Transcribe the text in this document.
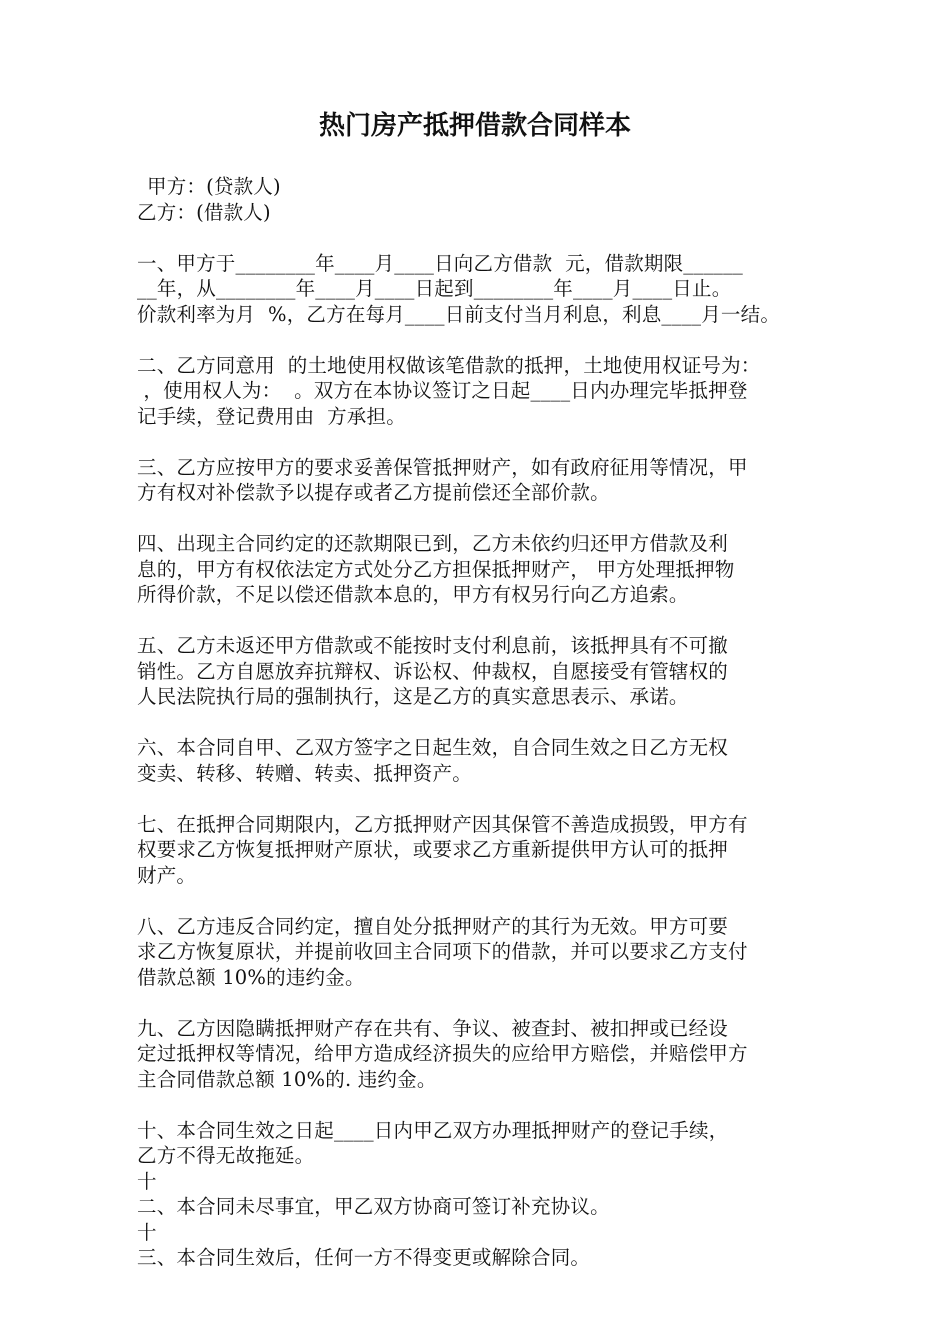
热门房产抵押借款合同样本
甲方：(贷款人)
乙方：(借款人)
一、甲方于________年____月____日向乙方借款  元，借款期限______
__年，从________年____月____日起到________年____月____日止。
价款利率为月  %，乙方在每月____日前支付当月利息，利息____月一结。
二、乙方同意用  的土地使用权做该笔借款的抵押，土地使用权证号为：
，使用权人为：  。双方在本协议签订之日起____日内办理完毕抵押登
记手续，登记费用由  方承担。
三、乙方应按甲方的要求妥善保管抵押财产，如有政府征用等情况，甲
方有权对补偿款予以提存或者乙方提前偿还全部价款。
四、出现主合同约定的还款期限已到，乙方未依约归还甲方借款及利
息的，甲方有权依法定方式处分乙方担保抵押财产， 甲方处理抵押物
所得价款，不足以偿还借款本息的，甲方有权另行向乙方追索。
五、乙方未返还甲方借款或不能按时支付利息前，该抵押具有不可撤
销性。乙方自愿放弃抗辩权、诉讼权、仲裁权，自愿接受有管辖权的
人民法院执行局的强制执行，这是乙方的真实意思表示、承诺。
六、本合同自甲、乙双方签字之日起生效，自合同生效之日乙方无权
变卖、转移、转赠、转卖、抵押资产。
七、在抵押合同期限内，乙方抵押财产因其保管不善造成损毁，甲方有
权要求乙方恢复抵押财产原状，或要求乙方重新提供甲方认可的抵押
财产。
八、乙方违反合同约定，擅自处分抵押财产的其行为无效。甲方可要
求乙方恢复原状，并提前收回主合同项下的借款，并可以要求乙方支付
借款总额 10%的违约金。
九、乙方因隐瞒抵押财产存在共有、争议、被查封、被扣押或已经设
定过抵押权等情况，给甲方造成经济损失的应给甲方赔偿，并赔偿甲方
主合同借款总额 10%的. 违约金。
十、本合同生效之日起____日内甲乙双方办理抵押财产的登记手续，
乙方不得无故拖延。
十
二、本合同未尽事宜，甲乙双方协商可签订补充协议。
十
三、本合同生效后，任何一方不得变更或解除合同。
